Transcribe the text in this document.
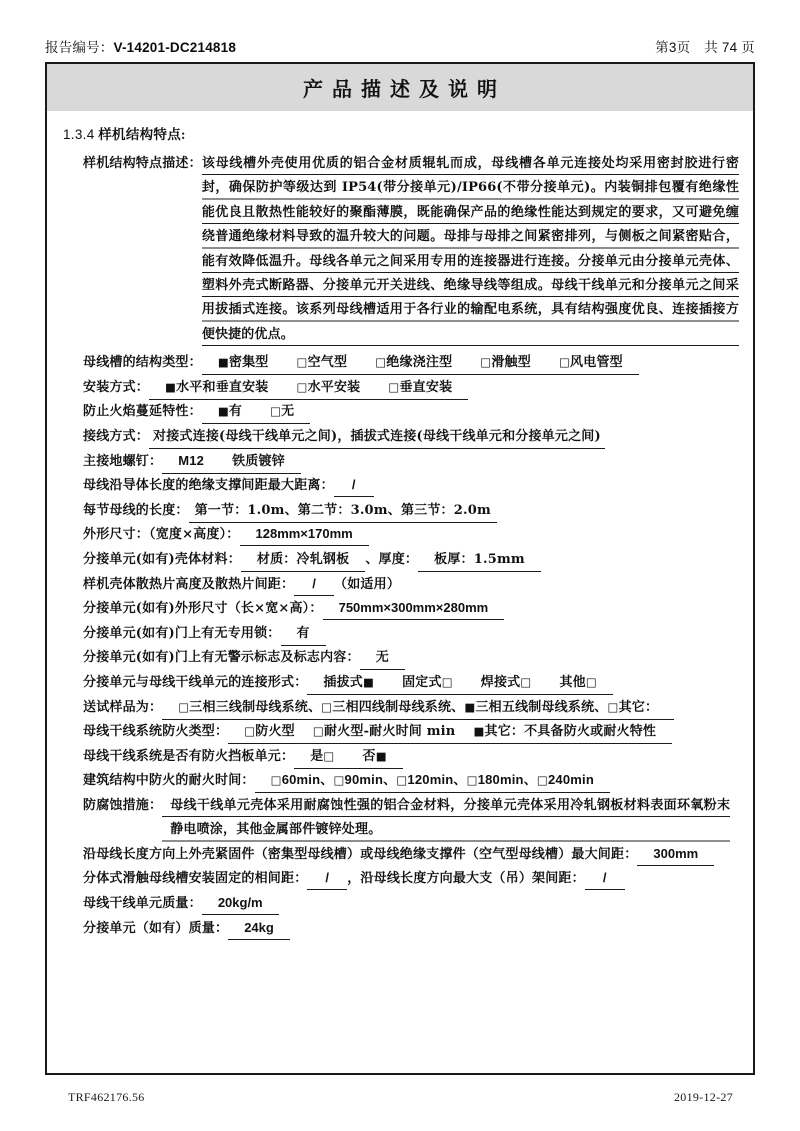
报告编号：V-14201-DC214818	第3页 共 74 页
产品描述及说明
1.3.4 样机结构特点:
样机结构特点描述： 该母线槽外壳使用优质的铝合金材质辊轧而成，母线槽各单元连接处均采用密封胶进行密封，确保防护等级达到 IP54(带分接单元)/IP66(不带分接单元)。内装铜排包覆有绝缘性能优良且散热性能较好的聚酯薄膜，既能确保产品的绝缘性能达到规定的要求，又可避免缠绕普通绝缘材料导致的温升较大的问题。母排与母排之间紧密排列，与侧板之间紧密贴合，能有效降低温升。母线各单元之间采用专用的连接器进行连接。分接单元由分接单元壳体、塑料外壳式断路器、分接单元开关进线、绝缘导线等组成。母线干线单元和分接单元之间采用拔插式连接。该系列母线槽适用于各行业的输配电系统，具有结构强度优良、连接插接方便快捷的优点。
母线槽的结构类型： ■密集型 □空气型 □绝缘浇注型 □滑触型 □风电管型
安装方式： ■水平和垂直安装 □水平安装 □垂直安装
防止火焰蔓延特性： ■有 □无
接线方式： 对接式连接(母线干线单元之间)，插拔式连接(母线干线单元和分接单元之间)
主接地螺钉： M12 铁质镀锌
母线沿导体长度的绝缘支撑间距最大距离： /
每节母线的长度： 第一节：1.0m、第二节：3.0m、第三节：2.0m
外形尺寸：（宽度×高度）： 128mm×170mm
分接单元(如有)壳体材料： 材质：冷轧钢板 、厚度： 板厚：1.5mm
样机壳体散热片高度及散热片间距： / （如适用）
分接单元(如有)外形尺寸（长×宽×高）： 750mm×300mm×280mm
分接单元(如有)门上有无专用锁： 有
分接单元(如有)门上有无警示标志及标志内容： 无
分接单元与母线干线单元的连接形式： 插拔式■ 固定式□ 焊接式□ 其他□
送试样品为： □三相三线制母线系统、□三相四线制母线系统、■三相五线制母线系统、□其它：
母线干线系统防火类型： □防火型 □耐火型-耐火时间 min ■其它：不具备防火或耐火特性
母线干线系统是否有防火挡板单元： 是□ 否■
建筑结构中防火的耐火时间： □60min、□90min、□120min、□180min、□240min
防腐蚀措施： 母线干线单元壳体采用耐腐蚀性强的铝合金材料，分接单元壳体采用冷轧钢板材料表面环氧粉末静电喷涂，其他金属部件镀锌处理。
沿母线长度方向上外壳紧固件（密集型母线槽）或母线绝缘支撑件（空气型母线槽）最大间距： 300mm
分体式滑触母线槽安装固定的相间距： / ，沿母线长度方向最大支（吊）架间距： /
母线干线单元质量： 20kg/m
分接单元（如有）质量： 24kg
TRF462176.56	2019-12-27
